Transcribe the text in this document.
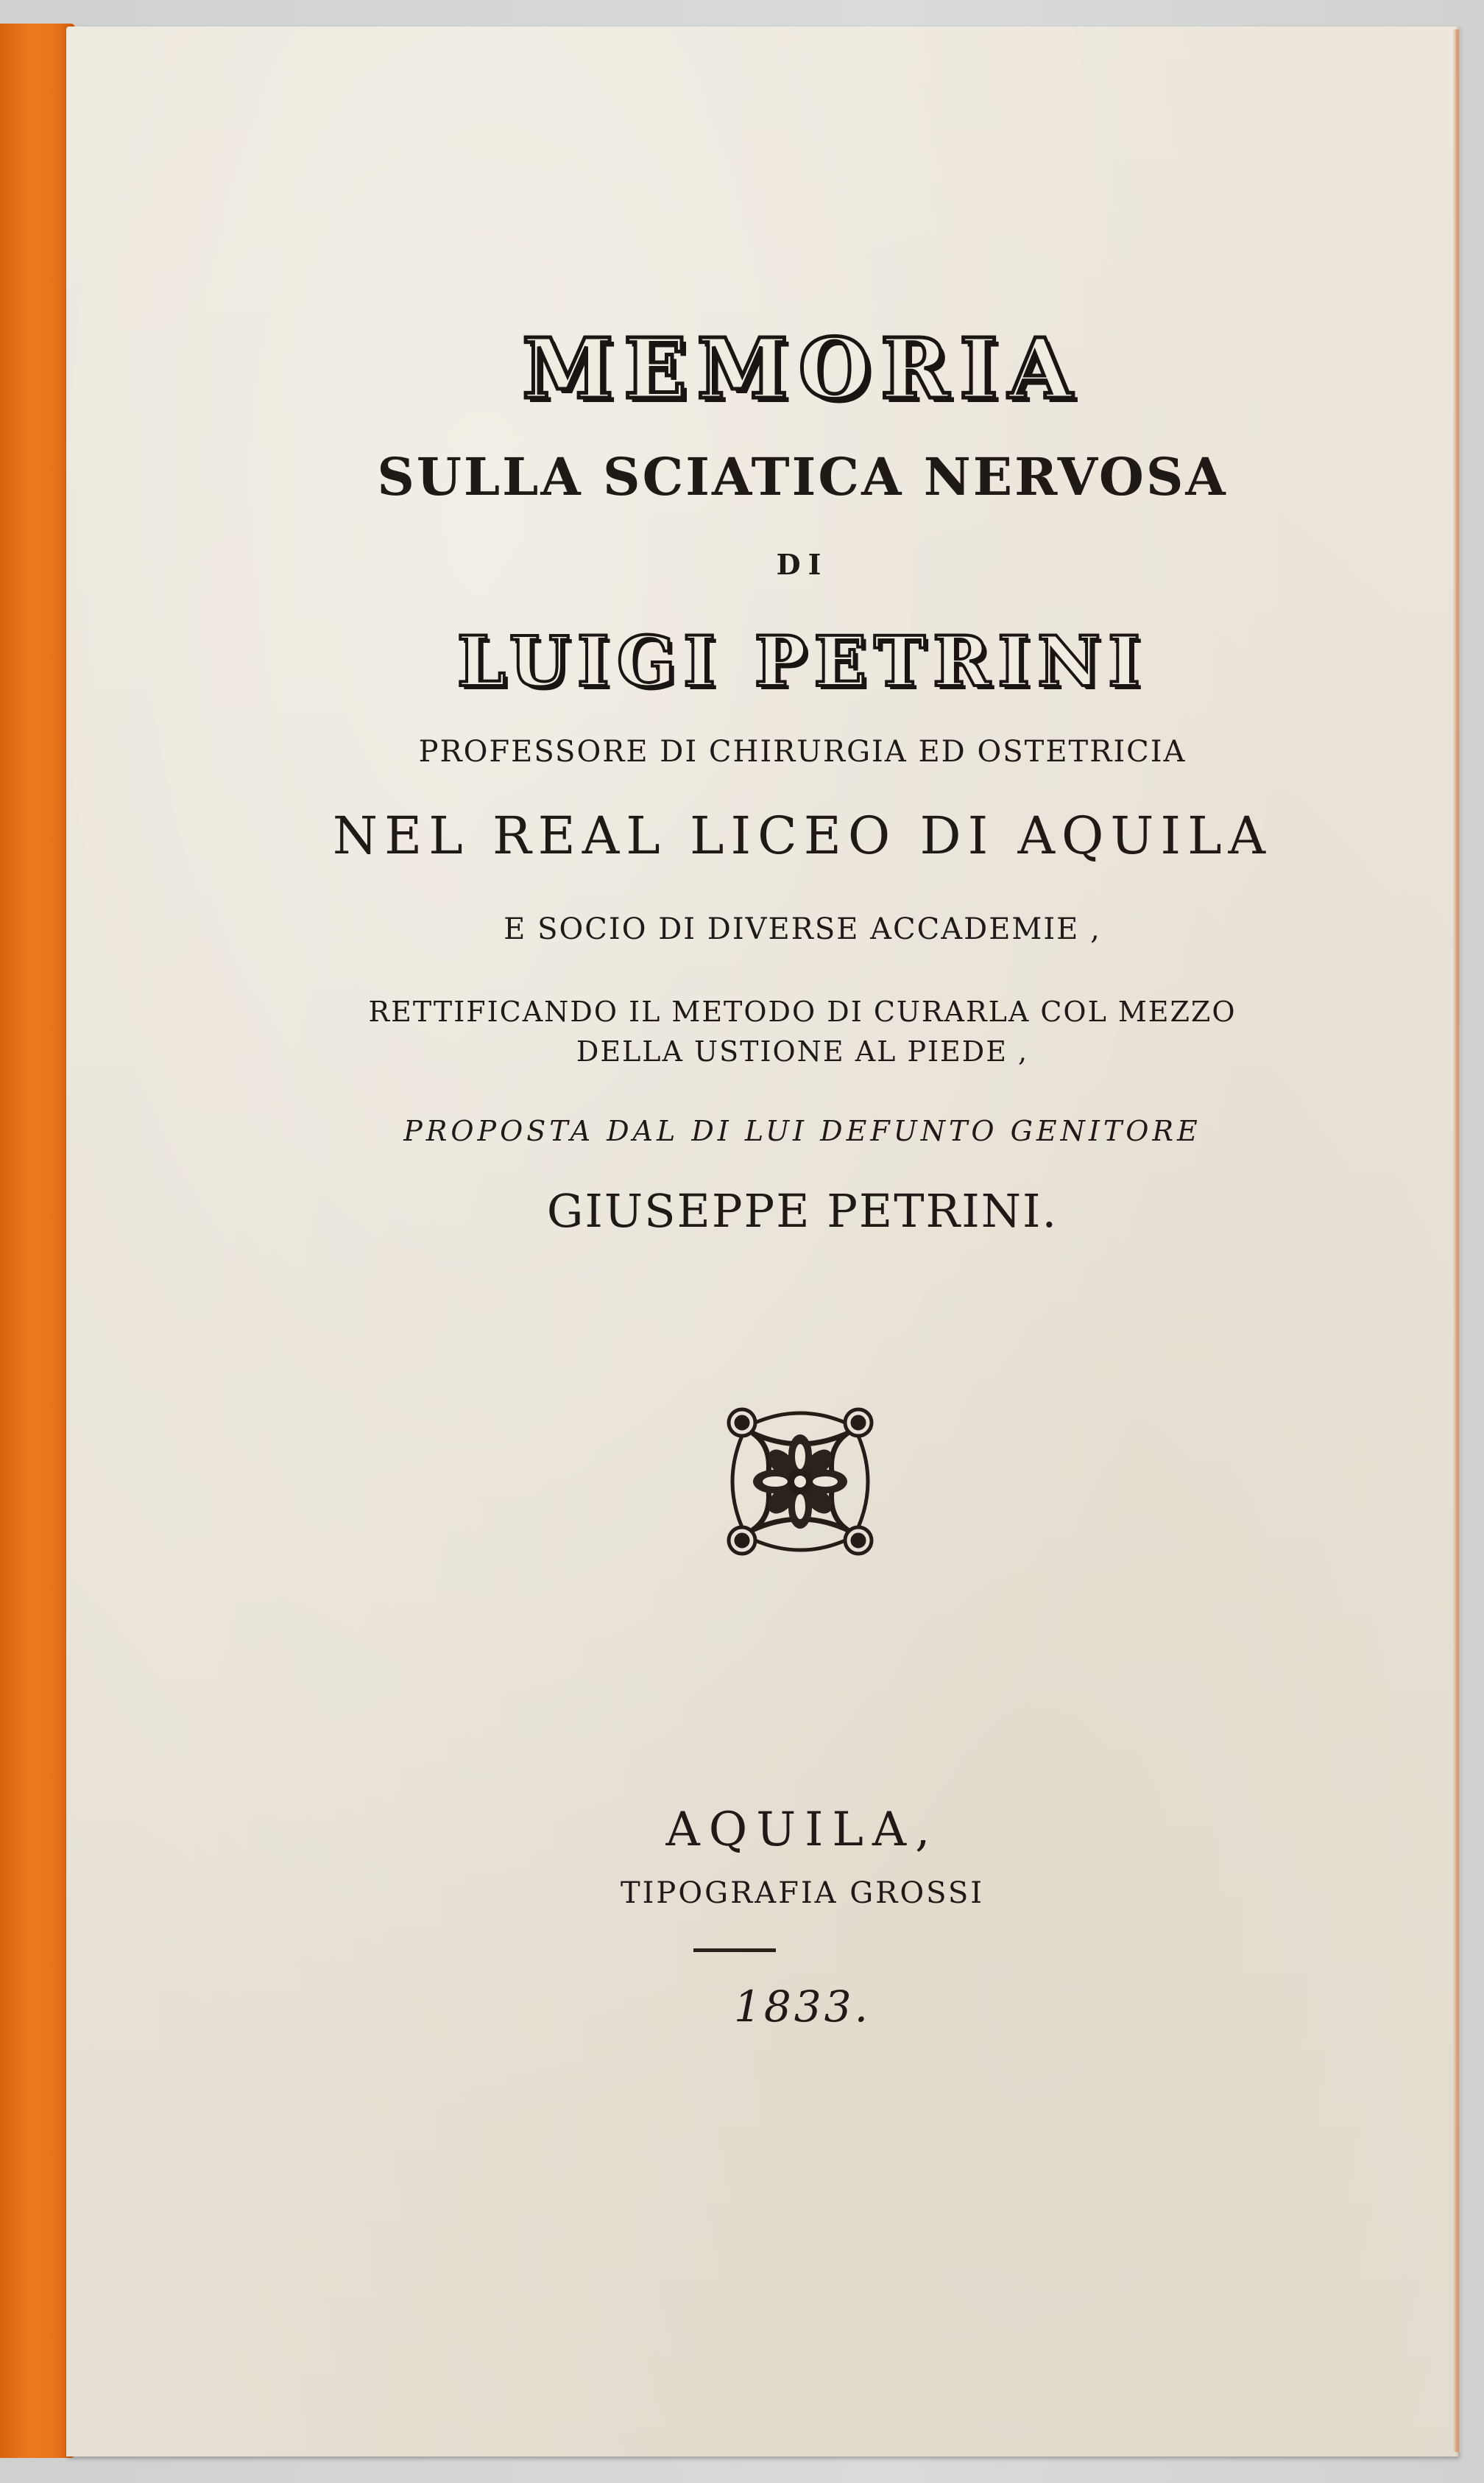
MEMORIA
SULLA SCIATICA NERVOSA
DI
LUIGI PETRINI
PROFESSORE DI CHIRURGIA ED OSTETRICIA
NEL REAL LICEO DI AQUILA
E SOCIO DI DIVERSE ACCADEMIE ,
RETTIFICANDO IL METODO DI CURARLA COL MEZZO
DELLA USTIONE AL PIEDE ,
PROPOSTA DAL DI LUI DEFUNTO GENITORE
GIUSEPPE PETRINI.
AQUILA,
TIPOGRAFIA GROSSI
1833.
